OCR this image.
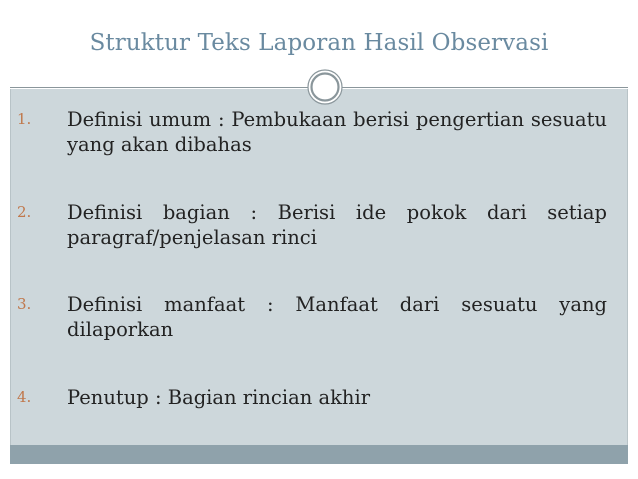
Struktur Teks Laporan Hasil Observasi
1. Definisi umum : Pembukaan berisi pengertian sesuatu yang akan dibahas
2. Definisi bagian : Berisi ide pokok dari setiap paragraf/penjelasan rinci
3. Definisi manfaat : Manfaat dari sesuatu yang dilaporkan
4. Penutup : Bagian rincian akhir
